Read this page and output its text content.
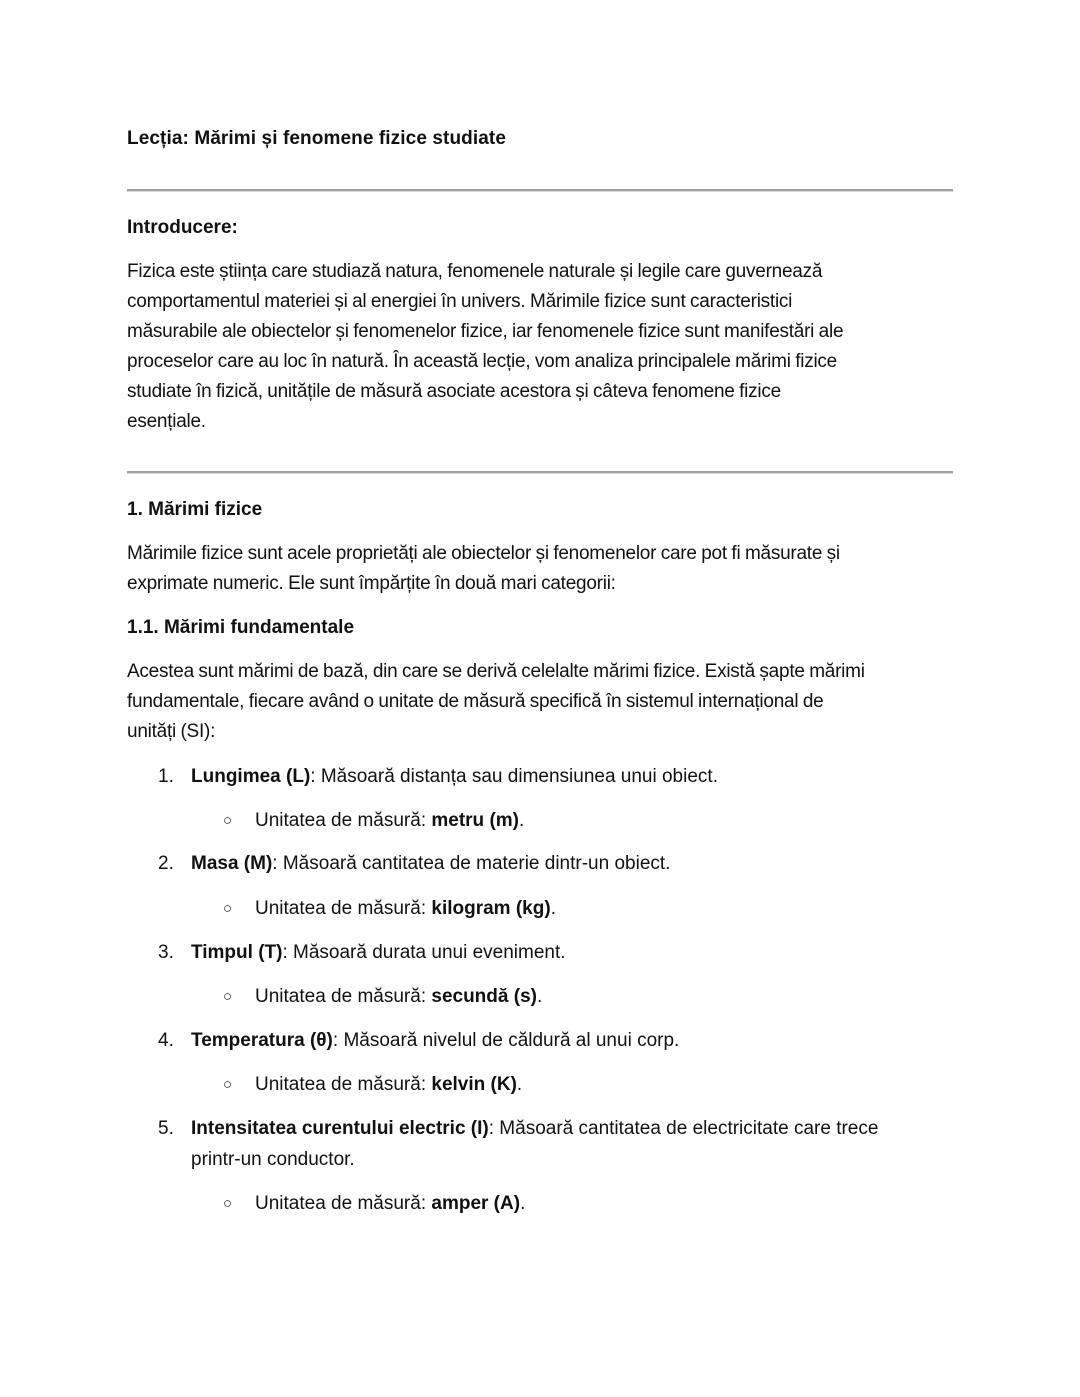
Lecția: Mărimi și fenomene fizice studiate
Introducere:
Fizica este știința care studiază natura, fenomenele naturale și legile care guvernează
comportamentul materiei și al energiei în univers. Mărimile fizice sunt caracteristici
măsurabile ale obiectelor și fenomenelor fizice, iar fenomenele fizice sunt manifestări ale
proceselor care au loc în natură. În această lecție, vom analiza principalele mărimi fizice
studiate în fizică, unitățile de măsură asociate acestora și câteva fenomene fizice
esențiale.
1. Mărimi fizice
Mărimile fizice sunt acele proprietăți ale obiectelor și fenomenelor care pot fi măsurate și
exprimate numeric. Ele sunt împărțite în două mari categorii:
1.1. Mărimi fundamentale
Acestea sunt mărimi de bază, din care se derivă celelalte mărimi fizice. Există șapte mărimi
fundamentale, fiecare având o unitate de măsură specifică în sistemul internațional de
unități (SI):
1. Lungimea (L): Măsoară distanța sau dimensiunea unui obiect.
○ Unitatea de măsură: metru (m).
2. Masa (M): Măsoară cantitatea de materie dintr-un obiect.
○ Unitatea de măsură: kilogram (kg).
3. Timpul (T): Măsoară durata unui eveniment.
○ Unitatea de măsură: secundă (s).
4. Temperatura (θ): Măsoară nivelul de căldură al unui corp.
○ Unitatea de măsură: kelvin (K).
5. Intensitatea curentului electric (I): Măsoară cantitatea de electricitate care trece
printr-un conductor.
○ Unitatea de măsură: amper (A).
